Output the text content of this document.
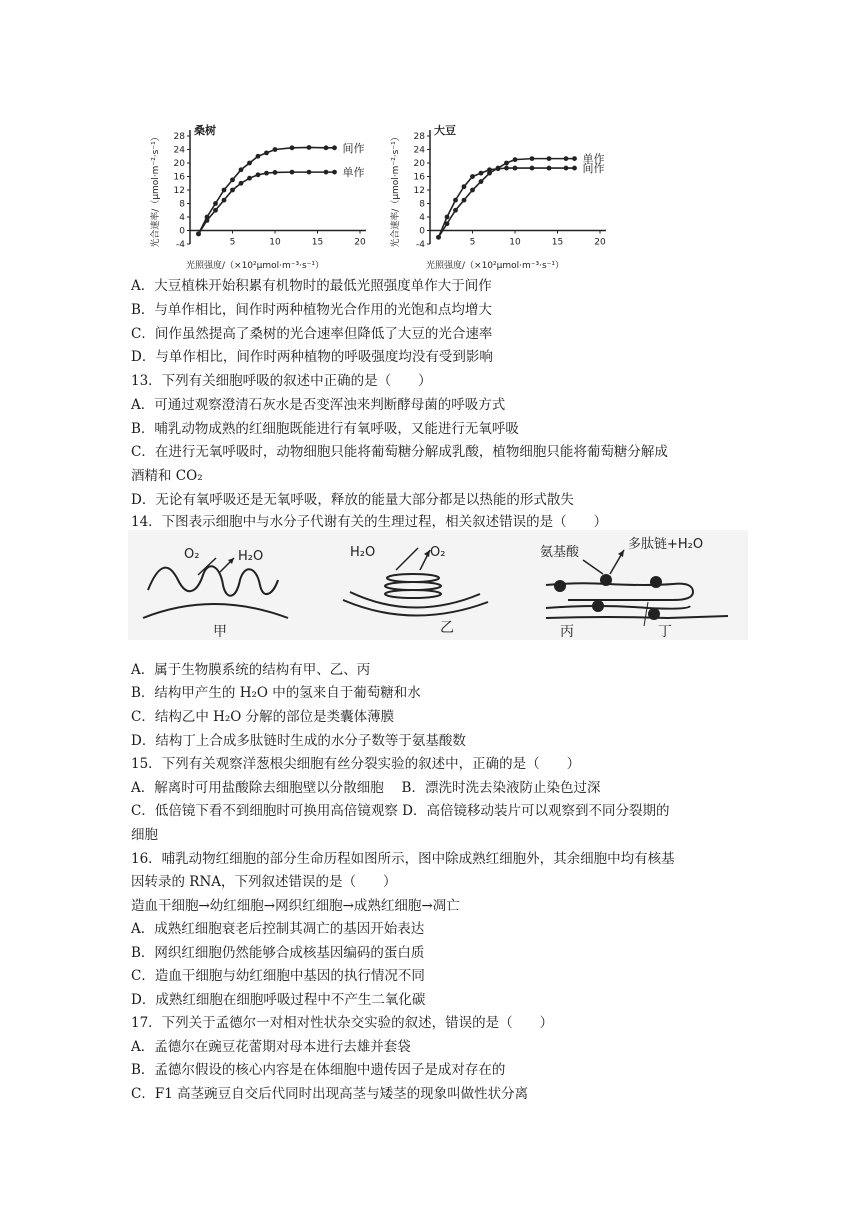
-4
0
4
8
12
16
20
24
28
5	10	15	20
桑树
光照强度/（×10²μmol·m⁻³·s⁻¹）
光合速率/（μmol·m⁻²·s⁻¹）	间作
单作
-4
0
4
8
12
16
20
24
28
5	10	15	20
大豆
光照强度/（×10²μmol·m⁻³·s⁻¹）
光合速率/（μmol·m⁻²·s⁻¹）	单作
间作
A．大豆植株开始积累有机物时的最低光照强度单作大于间作
B．与单作相比，间作时两种植物光合作用的光饱和点均增大
C．间作虽然提高了桑树的光合速率但降低了大豆的光合速率
D．与单作相比，间作时两种植物的呼吸强度均没有受到影响
13．下列有关细胞呼吸的叙述中正确的是（　　）
A．可通过观察澄清石灰水是否变浑浊来判断酵母菌的呼吸方式
B．哺乳动物成熟的红细胞既能进行有氧呼吸，又能进行无氧呼吸
C．在进行无氧呼吸时，动物细胞只能将葡萄糖分解成乳酸，植物细胞只能将葡萄糖分解成
酒精和 CO₂
D．无论有氧呼吸还是无氧呼吸，释放的能量大部分都是以热能的形式散失
14．下图表示细胞中与水分子代谢有关的生理过程，相关叙述错误的是（　　）
O₂	H₂O
甲
H₂O	O₂
乙
氨基酸
多肽链+H₂O
丙	丁
A．属于生物膜系统的结构有甲、乙、丙
B．结构甲产生的 H₂O 中的氢来自于葡萄糖和水
C．结构乙中 H₂O 分解的部位是类囊体薄膜
D．结构丁上合成多肽链时生成的水分子数等于氨基酸数
15．下列有关观察洋葱根尖细胞有丝分裂实验的叙述中，正确的是（　　）
A．解离时可用盐酸除去细胞壁以分散细胞　 B．漂洗时洗去染液防止染色过深
C．低倍镜下看不到细胞时可换用高倍镜观察 D．高倍镜移动装片可以观察到不同分裂期的
细胞
16．哺乳动物红细胞的部分生命历程如图所示，图中除成熟红细胞外，其余细胞中均有核基
因转录的 RNA，下列叙述错误的是（　　）
造血干细胞→幼红细胞→网织红细胞→成熟红细胞→凋亡
A．成熟红细胞衰老后控制其凋亡的基因开始表达
B．网织红细胞仍然能够合成核基因编码的蛋白质
C．造血干细胞与幼红细胞中基因的执行情况不同
D．成熟红细胞在细胞呼吸过程中不产生二氧化碳
17．下列关于孟德尔一对相对性状杂交实验的叙述，错误的是（　　）
A．孟德尔在豌豆花蕾期对母本进行去雄并套袋
B．孟德尔假设的核心内容是在体细胞中遗传因子是成对存在的
C．F1 高茎豌豆自交后代同时出现高茎与矮茎的现象叫做性状分离
